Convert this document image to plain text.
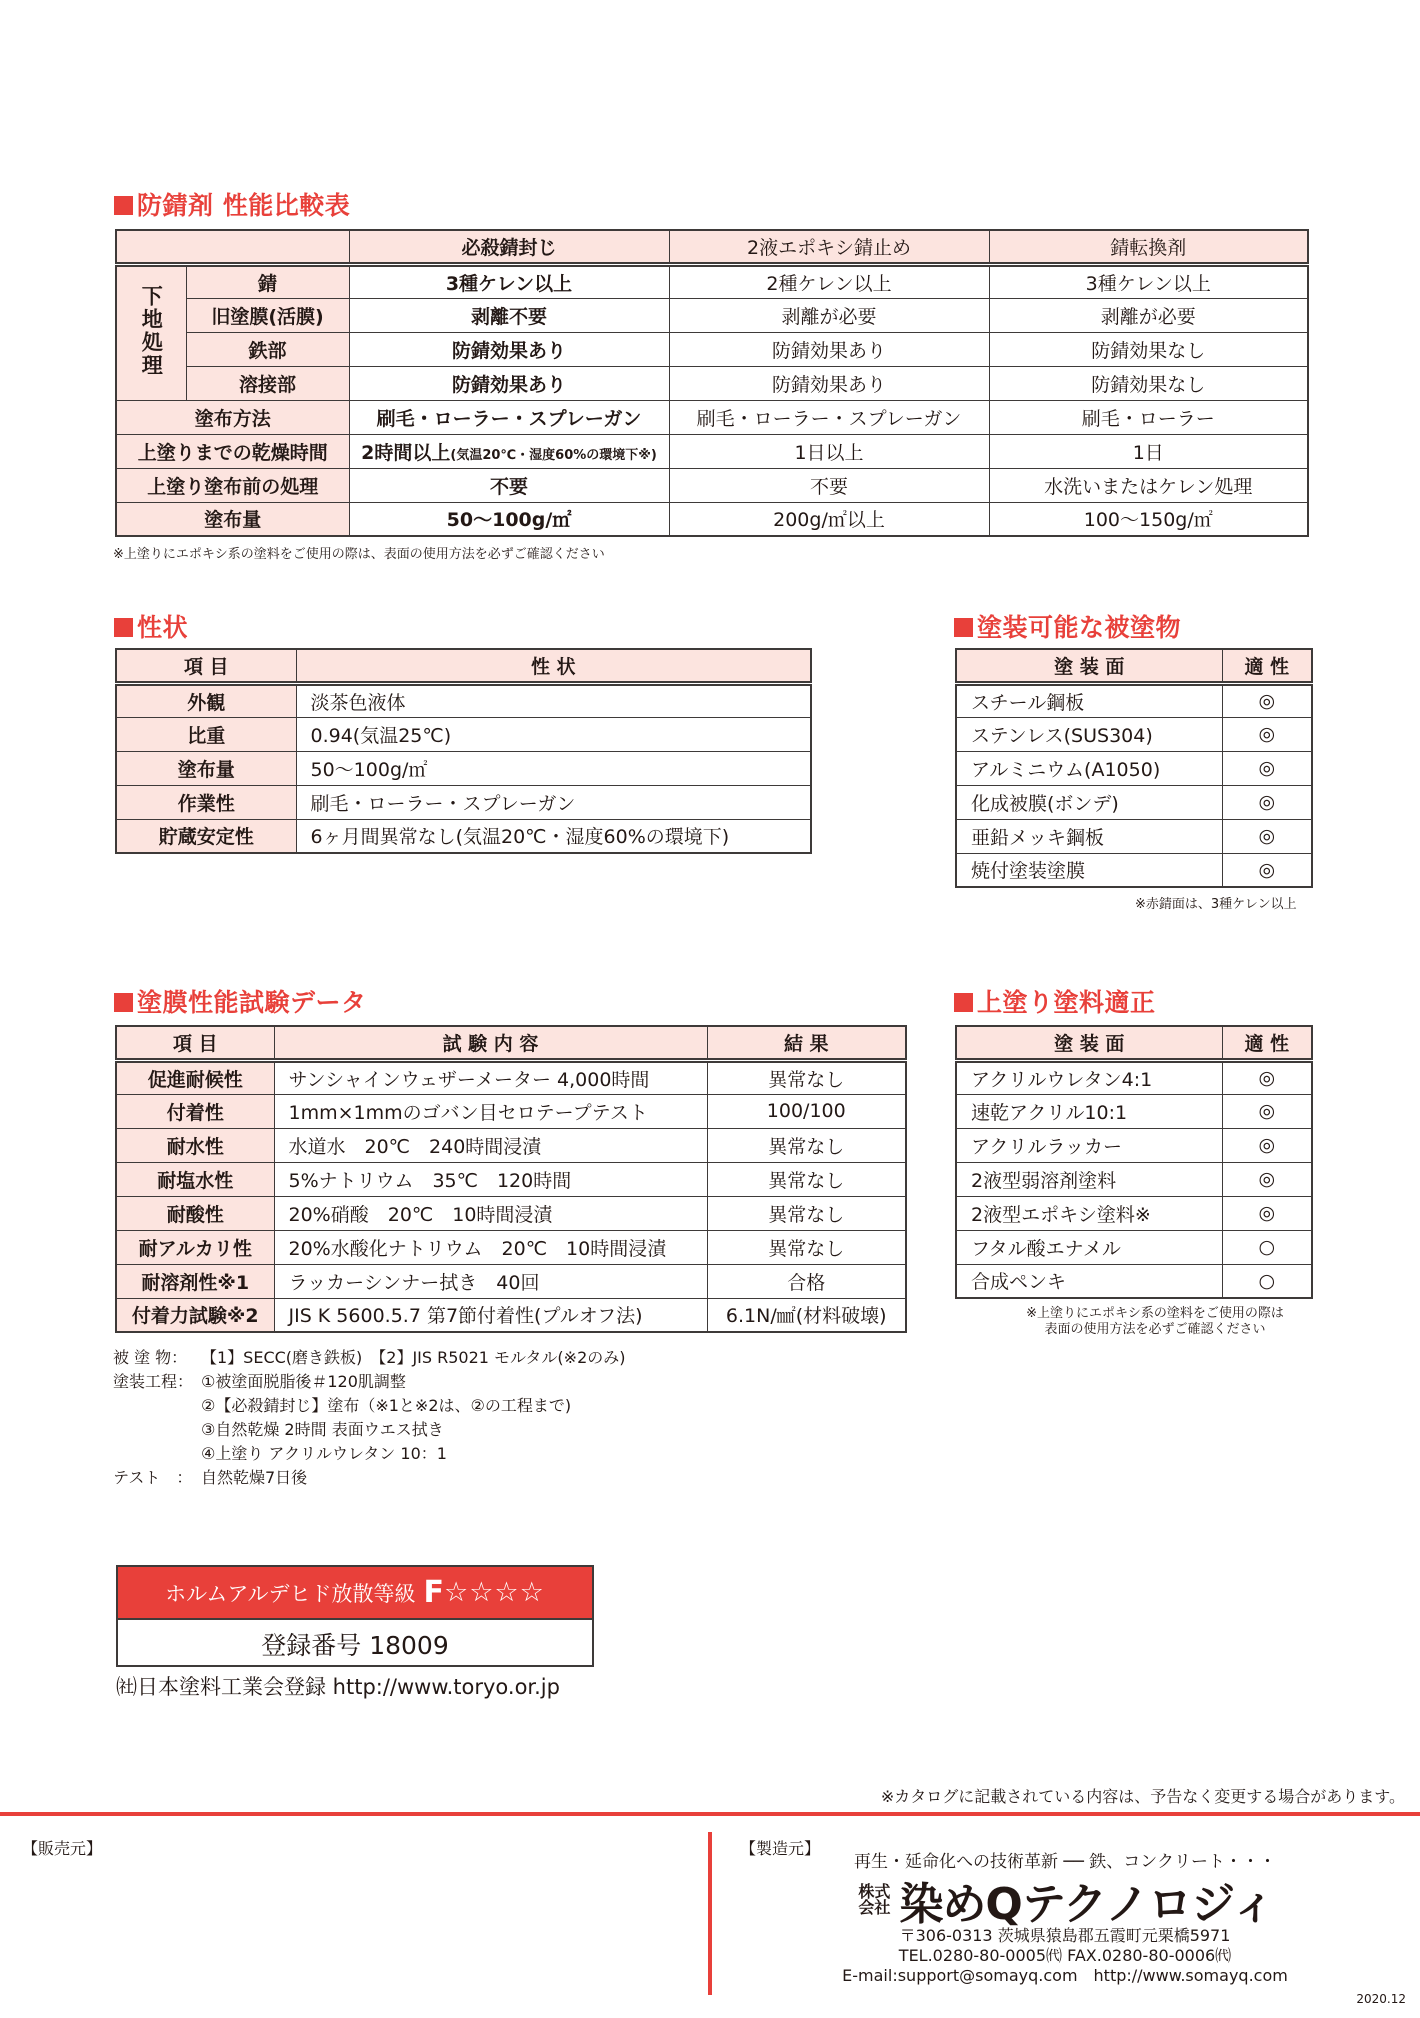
防錆剤 性能比較表
		必殺錆封じ	2液エポキシ錆止め	錆転換剤
下地処理	錆	3種ケレン以上	2種ケレン以上	3種ケレン以上
	旧塗膜(活膜)	剥離不要	剥離が必要	剥離が必要
	鉄部	防錆効果あり	防錆効果あり	防錆効果なし
	溶接部	防錆効果あり	防錆効果あり	防錆効果なし
塗布方法		刷毛・ローラー・スプレーガン	刷毛・ローラー・スプレーガン	刷毛・ローラー
上塗りまでの乾燥時間		2時間以上(気温20℃・湿度60%の環境下※)	1日以上	1日
上塗り塗布前の処理		不要	不要	水洗いまたはケレン処理
塗布量		50〜100g/㎡	200g/㎡以上	100〜150g/㎡
※上塗りにエポキシ系の塗料をご使用の際は、表面の使用方法を必ずご確認ください
性状
項 目	性 状
外観	淡茶色液体
比重	0.94(気温25℃)
塗布量	50〜100g/㎡
作業性	刷毛・ローラー・スプレーガン
貯蔵安定性	6ヶ月間異常なし(気温20℃・湿度60%の環境下)
塗装可能な被塗物
塗 装 面	適 性
スチール鋼板	◎
ステンレス(SUS304)	◎
アルミニウム(A1050)	◎
化成被膜(ボンデ)	◎
亜鉛メッキ鋼板	◎
焼付塗装塗膜	◎
※赤錆面は、3種ケレン以上
塗膜性能試験データ
項 目	試 験 内 容	結 果
促進耐候性	サンシャインウェザーメーター 4,000時間	異常なし
付着性	1mm×1mmのゴバン目セロテープテスト	100/100
耐水性	水道水　20℃　240時間浸漬	異常なし
耐塩水性	5%ナトリウム　35℃　120時間	異常なし
耐酸性	20%硝酸　20℃　10時間浸漬	異常なし
耐アルカリ性	20%水酸化ナトリウム　20℃　10時間浸漬	異常なし
耐溶剤性※1	ラッカーシンナー拭き　40回	合格
付着力試験※2	JIS K 5600.5.7 第7節付着性(プルオフ法)	6.1N/㎟(材料破壊)
上塗り塗料適正
塗 装 面	適 性
アクリルウレタン4:1	◎
速乾アクリル10:1	◎
アクリルラッカー	◎
2液型弱溶剤塗料	◎
2液型エポキシ塗料※	◎
フタル酸エナメル	○
合成ペンキ	○
※上塗りにエポキシ系の塗料をご使用の際は
表面の使用方法を必ずご確認ください
被 塗 物： 【1】SECC(磨き鉄板)　【2】JIS R5021 モルタル(※2のみ)
塗装工程： ①被塗面脱脂後＃120肌調整
②【必殺錆封じ】塗布（※1と※2は、②の工程まで)
③自然乾燥 2時間 表面ウエス拭き
④上塗り アクリルウレタン 10：1
テスト　： 自然乾燥7日後
ホルムアルデヒド放散等級 F ☆☆☆☆
登録番号 18009
㈳日本塗料工業会登録 http://www.toryo.or.jp
※カタログに記載されている内容は、予告なく変更する場合があります。
【販売元】	【製造元】
再生・延命化への技術革新 ── 鉄、コンクリート・・・
株式
会社 染めQテクノロジィ
〒306-0313 茨城県猿島郡五霞町元栗橋5971
TEL.0280-80-0005㈹ FAX.0280-80-0006㈹
E-mail:support@somayq.com　http://www.somayq.com
2020.12
